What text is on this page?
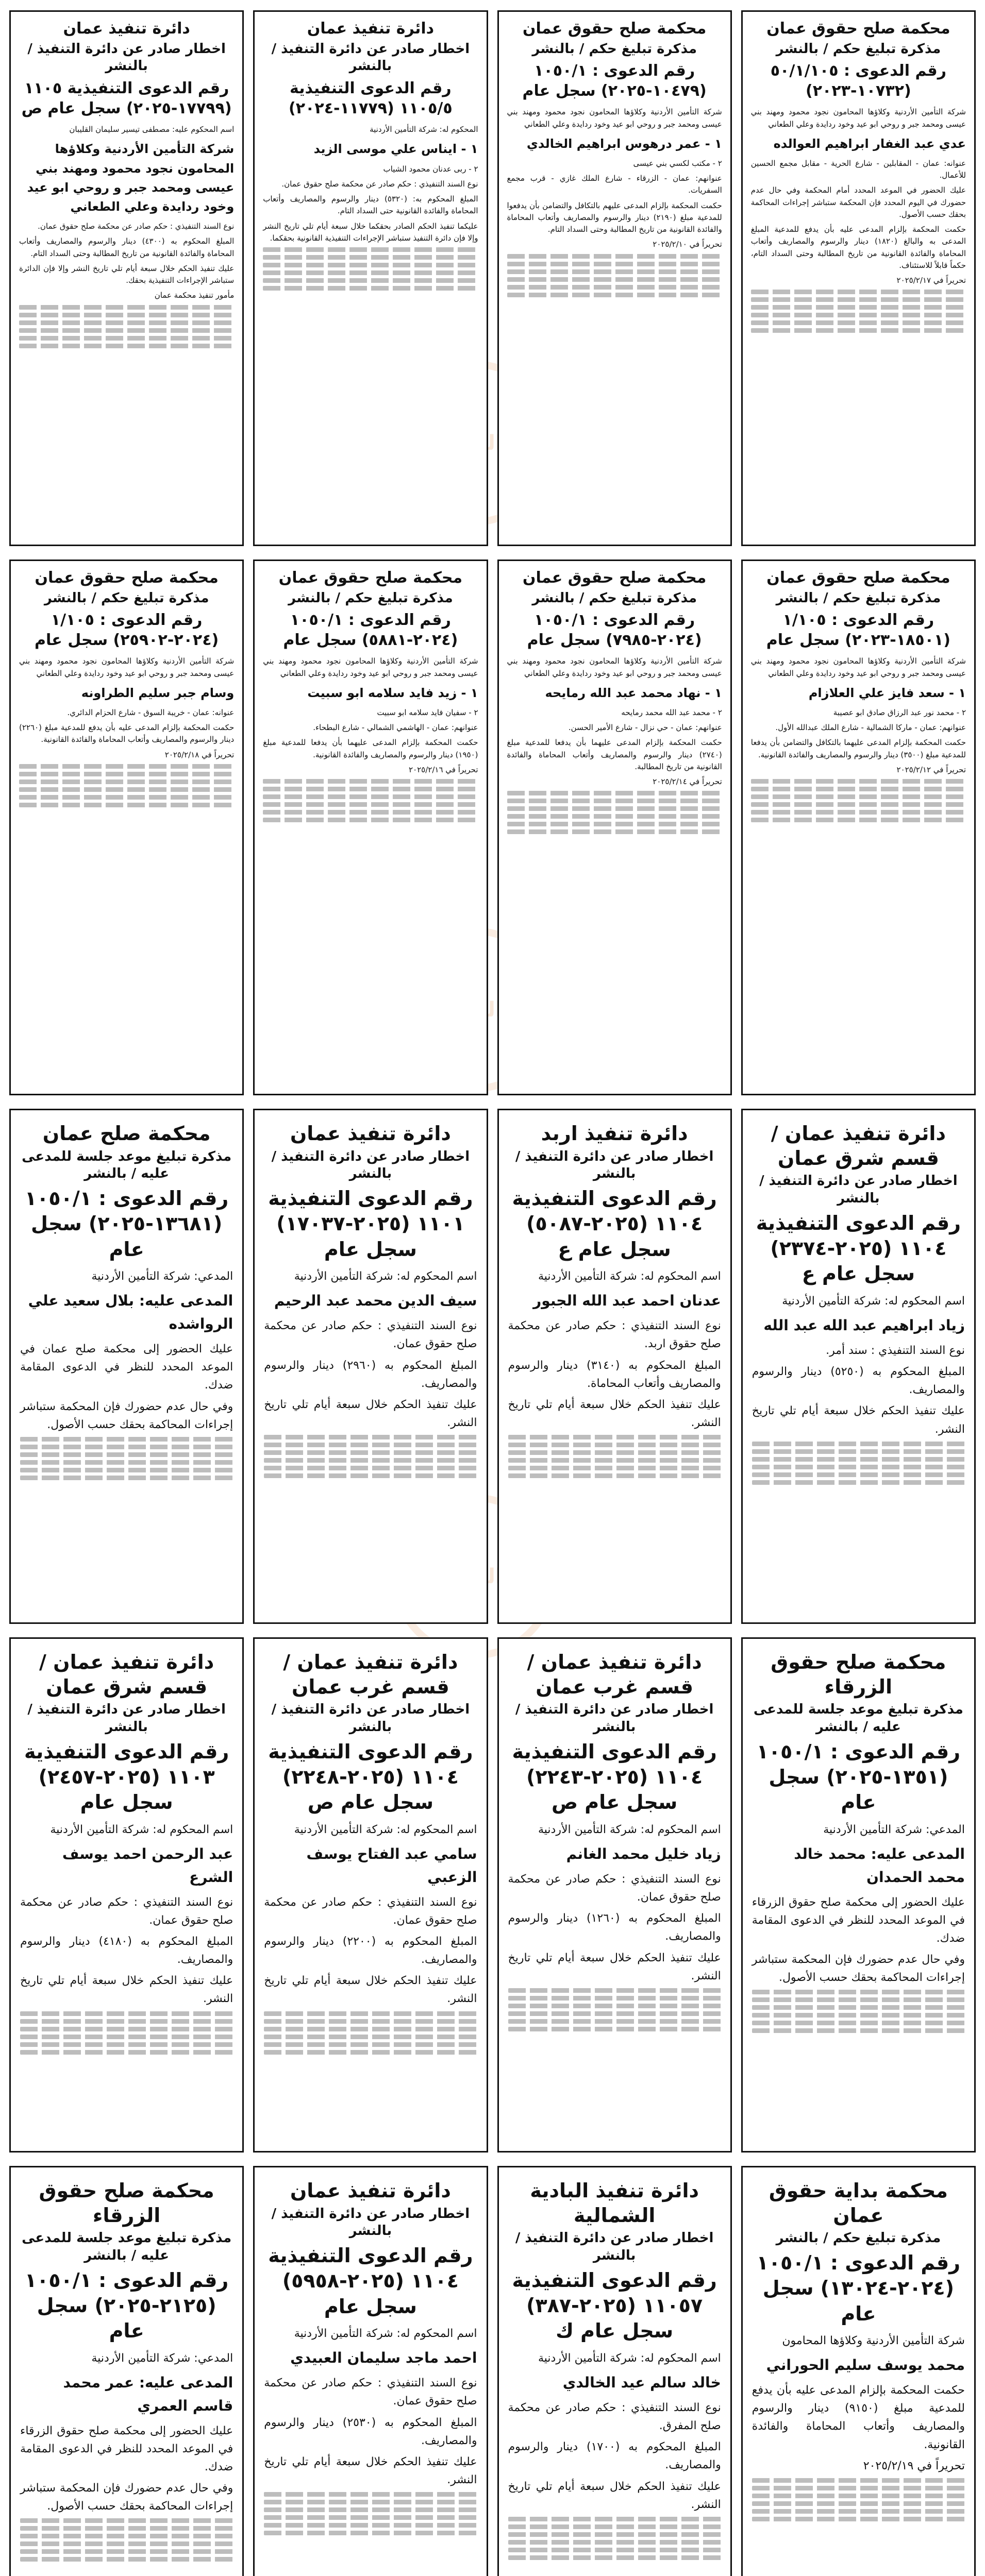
محكمة صلح حقوق عمان
مذكرة تبليغ حكم / بالنشر
رقم الدعوى : ٥٠/١/١٠٥ (١٠٧٣٢-٢٠٢٣)
شركة التأمين الأردنية وكلاؤها المحامون نجود محمود ومهند بني عيسى ومحمد جبر و روحي ابو عيد وخود ردايدة وعلي الطعاني
عدي عبد الغفار ابراهيم العوالده
عنوانه: عمان - المقابلين - شارع الحرية - مقابل مجمع الحسين للأعمال.
عليك الحضور في الموعد المحدد أمام المحكمة وفي حال عدم حضورك في اليوم المحدد فإن المحكمة ستباشر إجراءات المحاكمة بحقك حسب الأصول.
حكمت المحكمة بإلزام المدعى عليه بأن يدفع للمدعية المبلغ المدعى به والبالغ (١٨٢٠) دينار والرسوم والمصاريف وأتعاب المحاماة والفائدة القانونية من تاريخ المطالبة وحتى السداد التام، حكماً قابلاً للاستئناف.
تحريراً في ٢٠٢٥/٢/١٧
محكمة صلح حقوق عمان
مذكرة تبليغ حكم / بالنشر
رقم الدعوى : ١٠٥٠/١ (١٠٤٧٩-٢٠٢٥) سجل عام
شركة التأمين الأردنية وكلاؤها المحامون نجود محمود ومهند بني عيسى ومحمد جبر و روحي ابو عيد وخود ردايدة وعلي الطعاني
١ - عمر درهوس ابراهيم الخالدي
٢ - مكتب لكسي بني عيسى
عنوانهم: عمان - الزرقاء - شارع الملك غازي - قرب مجمع السفريات.
حكمت المحكمة بإلزام المدعى عليهم بالتكافل والتضامن بأن يدفعوا للمدعية مبلغ (٢١٩٠) دينار والرسوم والمصاريف وأتعاب المحاماة والفائدة القانونية من تاريخ المطالبة وحتى السداد التام.
تحريراً في ٢٠٢٥/٢/١٠
دائرة تنفيذ عمان
اخطار صادر عن دائرة التنفيذ / بالنشر
رقم الدعوى التنفيذية ١١٠٥/٥ (١١٧٧٩-٢٠٢٤)
المحكوم له: شركة التأمين الأردنية
١ - ايناس علي موسى الزيد
٢ - ربى عدنان محمود الشياب
نوع السند التنفيذي : حكم صادر عن محكمة صلح حقوق عمان.
المبلغ المحكوم به: (٥٣٢٠) دينار والرسوم والمصاريف وأتعاب المحاماة والفائدة القانونية حتى السداد التام.
عليكما تنفيذ الحكم الصادر بحقكما خلال سبعة أيام تلي تاريخ النشر وإلا فإن دائرة التنفيذ ستباشر الإجراءات التنفيذية القانونية بحقكما.
دائرة تنفيذ عمان
اخطار صادر عن دائرة التنفيذ / بالنشر
رقم الدعوى التنفيذية ١١٠٥ (١٧٧٩٩-٢٠٢٥) سجل عام ص
اسم المحكوم عليه: مصطفى تيسير سليمان القليبان
شركة التأمين الأردنية وكلاؤها المحامون نجود محمود ومهند بني عيسى ومحمد جبر و روحي ابو عيد وخود ردايدة وعلي الطعاني
نوع السند التنفيذي : حكم صادر عن محكمة صلح حقوق عمان.
المبلغ المحكوم به (٤٣٠٠) دينار والرسوم والمصاريف وأتعاب المحاماة والفائدة القانونية من تاريخ المطالبة وحتى السداد التام.
عليك تنفيذ الحكم خلال سبعة أيام تلي تاريخ النشر وإلا فإن الدائرة ستباشر الإجراءات التنفيذية بحقك.
مأمور تنفيذ محكمة عمان
محكمة صلح حقوق عمان
مذكرة تبليغ حكم / بالنشر
رقم الدعوى : ١/١٠٥ (١٨٥٠١-٢٠٢٣) سجل عام
شركة التأمين الأردنية وكلاؤها المحامون نجود محمود ومهند بني عيسى ومحمد جبر و روحي ابو عيد وخود ردايدة وعلي الطعاني
١ - سعد فايز علي العلازام
٢ - محمد نور عبد الرزاق صادق ابو عصيبة
عنوانهم: عمان - ماركا الشمالية - شارع الملك عبدالله الأول.
حكمت المحكمة بإلزام المدعى عليهما بالتكافل والتضامن بأن يدفعا للمدعية مبلغ (٣٥٠٠) دينار والرسوم والمصاريف والفائدة القانونية.
تحريراً في ٢٠٢٥/٢/١٢
محكمة صلح حقوق عمان
مذكرة تبليغ حكم / بالنشر
رقم الدعوى : ١٠٥٠/١ (٢٠٢٤-٧٩٨٥) سجل عام
شركة التأمين الأردنية وكلاؤها المحامون نجود محمود ومهند بني عيسى ومحمد جبر و روحي ابو عيد وخود ردايدة وعلي الطعاني
١ - نهاد محمد عبد الله رمايحه
٢ - محمد عبد الله محمد رمايحه
عنوانهم: عمان - حي نزال - شارع الأمير الحسن.
حكمت المحكمة بإلزام المدعى عليهما بأن يدفعا للمدعية مبلغ (٢٧٤٠) دينار والرسوم والمصاريف وأتعاب المحاماة والفائدة القانونية من تاريخ المطالبة.
تحريراً في ٢٠٢٥/٢/١٤
محكمة صلح حقوق عمان
مذكرة تبليغ حكم / بالنشر
رقم الدعوى : ١٠٥٠/١ (٢٠٢٤-٥٨٨١) سجل عام
شركة التأمين الأردنية وكلاؤها المحامون نجود محمود ومهند بني عيسى ومحمد جبر و روحي ابو عيد وخود ردايدة وعلي الطعاني
١ - زيد فايد سلامه ابو سبيت
٢ - سفيان فايد سلامه ابو سبيت
عنوانهم: عمان - الهاشمي الشمالي - شارع البطحاء.
حكمت المحكمة بإلزام المدعى عليهما بأن يدفعا للمدعية مبلغ (١٩٥٠) دينار والرسوم والمصاريف والفائدة القانونية.
تحريراً في ٢٠٢٥/٢/١٦
محكمة صلح حقوق عمان
مذكرة تبليغ حكم / بالنشر
رقم الدعوى : ١/١٠٥ (٢٠٢٤-٢٥٩٠٢) سجل عام
شركة التأمين الأردنية وكلاؤها المحامون نجود محمود ومهند بني عيسى ومحمد جبر و روحي ابو عيد وخود ردايدة وعلي الطعاني
وسام جبر سليم الطراونه
عنوانه: عمان - خريبة السوق - شارع الحزام الدائري.
حكمت المحكمة بإلزام المدعى عليه بأن يدفع للمدعية مبلغ (٢٢٦٠) دينار والرسوم والمصاريف وأتعاب المحاماة والفائدة القانونية.
تحريراً في ٢٠٢٥/٢/١٨
دائرة تنفيذ عمان / قسم شرق عمان
اخطار صادر عن دائرة التنفيذ / بالنشر
رقم الدعوى التنفيذية ١١٠٤ (٢٠٢٥-٢٣٧٤) سجل عام ع
اسم المحكوم له: شركة التأمين الأردنية
زياد ابراهيم عبد الله عبد الله
نوع السند التنفيذي : سند أمر.
المبلغ المحكوم به (٥٢٥٠) دينار والرسوم والمصاريف.
عليك تنفيذ الحكم خلال سبعة أيام تلي تاريخ النشر.
دائرة تنفيذ اربد
اخطار صادر عن دائرة التنفيذ / بالنشر
رقم الدعوى التنفيذية ١١٠٤ (٢٠٢٥-٥٠٨٧) سجل عام ع
اسم المحكوم له: شركة التأمين الأردنية
عدنان احمد عبد الله الجبور
نوع السند التنفيذي : حكم صادر عن محكمة صلح حقوق اربد.
المبلغ المحكوم به (٣١٤٠) دينار والرسوم والمصاريف وأتعاب المحاماة.
عليك تنفيذ الحكم خلال سبعة أيام تلي تاريخ النشر.
دائرة تنفيذ عمان
اخطار صادر عن دائرة التنفيذ / بالنشر
رقم الدعوى التنفيذية ١١٠١ (٢٠٢٥-١٧٠٣٧) سجل عام
اسم المحكوم له: شركة التأمين الأردنية
سيف الدين محمد عبد الرحيم
نوع السند التنفيذي : حكم صادر عن محكمة صلح حقوق عمان.
المبلغ المحكوم به (٢٩٦٠) دينار والرسوم والمصاريف.
عليك تنفيذ الحكم خلال سبعة أيام تلي تاريخ النشر.
محكمة صلح عمان
مذكرة تبليغ موعد جلسة للمدعى عليه / بالنشر
رقم الدعوى : ١٠٥٠/١ (١٣٦٨١-٢٠٢٥) سجل عام
المدعي: شركة التأمين الأردنية
المدعى عليه: بلال سعيد علي الرواشده
عليك الحضور إلى محكمة صلح عمان في الموعد المحدد للنظر في الدعوى المقامة ضدك.
وفي حال عدم حضورك فإن المحكمة ستباشر إجراءات المحاكمة بحقك حسب الأصول.
محكمة صلح حقوق الزرقاء
مذكرة تبليغ موعد جلسة للمدعى عليه / بالنشر
رقم الدعوى : ١٠٥٠/١ (١٣٥١-٢٠٢٥) سجل عام
المدعي: شركة التأمين الأردنية
المدعى عليه: محمد خالد محمد الحمدان
عليك الحضور إلى محكمة صلح حقوق الزرقاء في الموعد المحدد للنظر في الدعوى المقامة ضدك.
وفي حال عدم حضورك فإن المحكمة ستباشر إجراءات المحاكمة بحقك حسب الأصول.
دائرة تنفيذ عمان / قسم غرب عمان
اخطار صادر عن دائرة التنفيذ / بالنشر
رقم الدعوى التنفيذية ١١٠٤ (٢٠٢٥-٢٢٤٣) سجل عام ص
اسم المحكوم له: شركة التأمين الأردنية
زياد خليل محمد الغانم
نوع السند التنفيذي : حكم صادر عن محكمة صلح حقوق عمان.
المبلغ المحكوم به (١٢٦٠) دينار والرسوم والمصاريف.
عليك تنفيذ الحكم خلال سبعة أيام تلي تاريخ النشر.
دائرة تنفيذ عمان / قسم غرب عمان
اخطار صادر عن دائرة التنفيذ / بالنشر
رقم الدعوى التنفيذية ١١٠٤ (٢٠٢٥-٢٢٤٨) سجل عام ص
اسم المحكوم له: شركة التأمين الأردنية
سامي عبد الفتاح يوسف الزعبي
نوع السند التنفيذي : حكم صادر عن محكمة صلح حقوق عمان.
المبلغ المحكوم به (٢٢٠٠) دينار والرسوم والمصاريف.
عليك تنفيذ الحكم خلال سبعة أيام تلي تاريخ النشر.
دائرة تنفيذ عمان / قسم شرق عمان
اخطار صادر عن دائرة التنفيذ / بالنشر
رقم الدعوى التنفيذية ١١٠٣ (٢٠٢٥-٢٤٥٧) سجل عام
اسم المحكوم له: شركة التأمين الأردنية
عبد الرحمن احمد يوسف الشرع
نوع السند التنفيذي : حكم صادر عن محكمة صلح حقوق عمان.
المبلغ المحكوم به (٤١٨٠) دينار والرسوم والمصاريف.
عليك تنفيذ الحكم خلال سبعة أيام تلي تاريخ النشر.
محكمة بداية حقوق عمان
مذكرة تبليغ حكم / بالنشر
رقم الدعوى : ١٠٥٠/١ (٢٠٢٤-١٣٠٢٤) سجل عام
شركة التأمين الأردنية وكلاؤها المحامون
محمد يوسف سليم الحوراني
حكمت المحكمة بإلزام المدعى عليه بأن يدفع للمدعية مبلغ (٩١٥٠) دينار والرسوم والمصاريف وأتعاب المحاماة والفائدة القانونية.
تحريراً في ٢٠٢٥/٢/١٩
دائرة تنفيذ البادية الشمالية
اخطار صادر عن دائرة التنفيذ / بالنشر
رقم الدعوى التنفيذية ١١٠٥٧ (٢٠٢٥-٣٨٧) سجل عام ك
اسم المحكوم له: شركة التأمين الأردنية
خالد سالم عيد الخالدي
نوع السند التنفيذي : حكم صادر عن محكمة صلح المفرق.
المبلغ المحكوم به (١٧٠٠) دينار والرسوم والمصاريف.
عليك تنفيذ الحكم خلال سبعة أيام تلي تاريخ النشر.
دائرة تنفيذ عمان
اخطار صادر عن دائرة التنفيذ / بالنشر
رقم الدعوى التنفيذية ١١٠٤ (٢٠٢٥-٥٩٥٨) سجل عام
اسم المحكوم له: شركة التأمين الأردنية
احمد ماجد سليمان العبيدي
نوع السند التنفيذي : حكم صادر عن محكمة صلح حقوق عمان.
المبلغ المحكوم به (٢٥٣٠) دينار والرسوم والمصاريف.
عليك تنفيذ الحكم خلال سبعة أيام تلي تاريخ النشر.
محكمة صلح حقوق الزرقاء
مذكرة تبليغ موعد جلسة للمدعى عليه / بالنشر
رقم الدعوى : ١٠٥٠/١ (٢١٢٥-٢٠٢٥) سجل عام
المدعي: شركة التأمين الأردنية
المدعى عليه: عمر محمد قاسم العمري
عليك الحضور إلى محكمة صلح حقوق الزرقاء في الموعد المحدد للنظر في الدعوى المقامة ضدك.
وفي حال عدم حضورك فإن المحكمة ستباشر إجراءات المحاكمة بحقك حسب الأصول.
